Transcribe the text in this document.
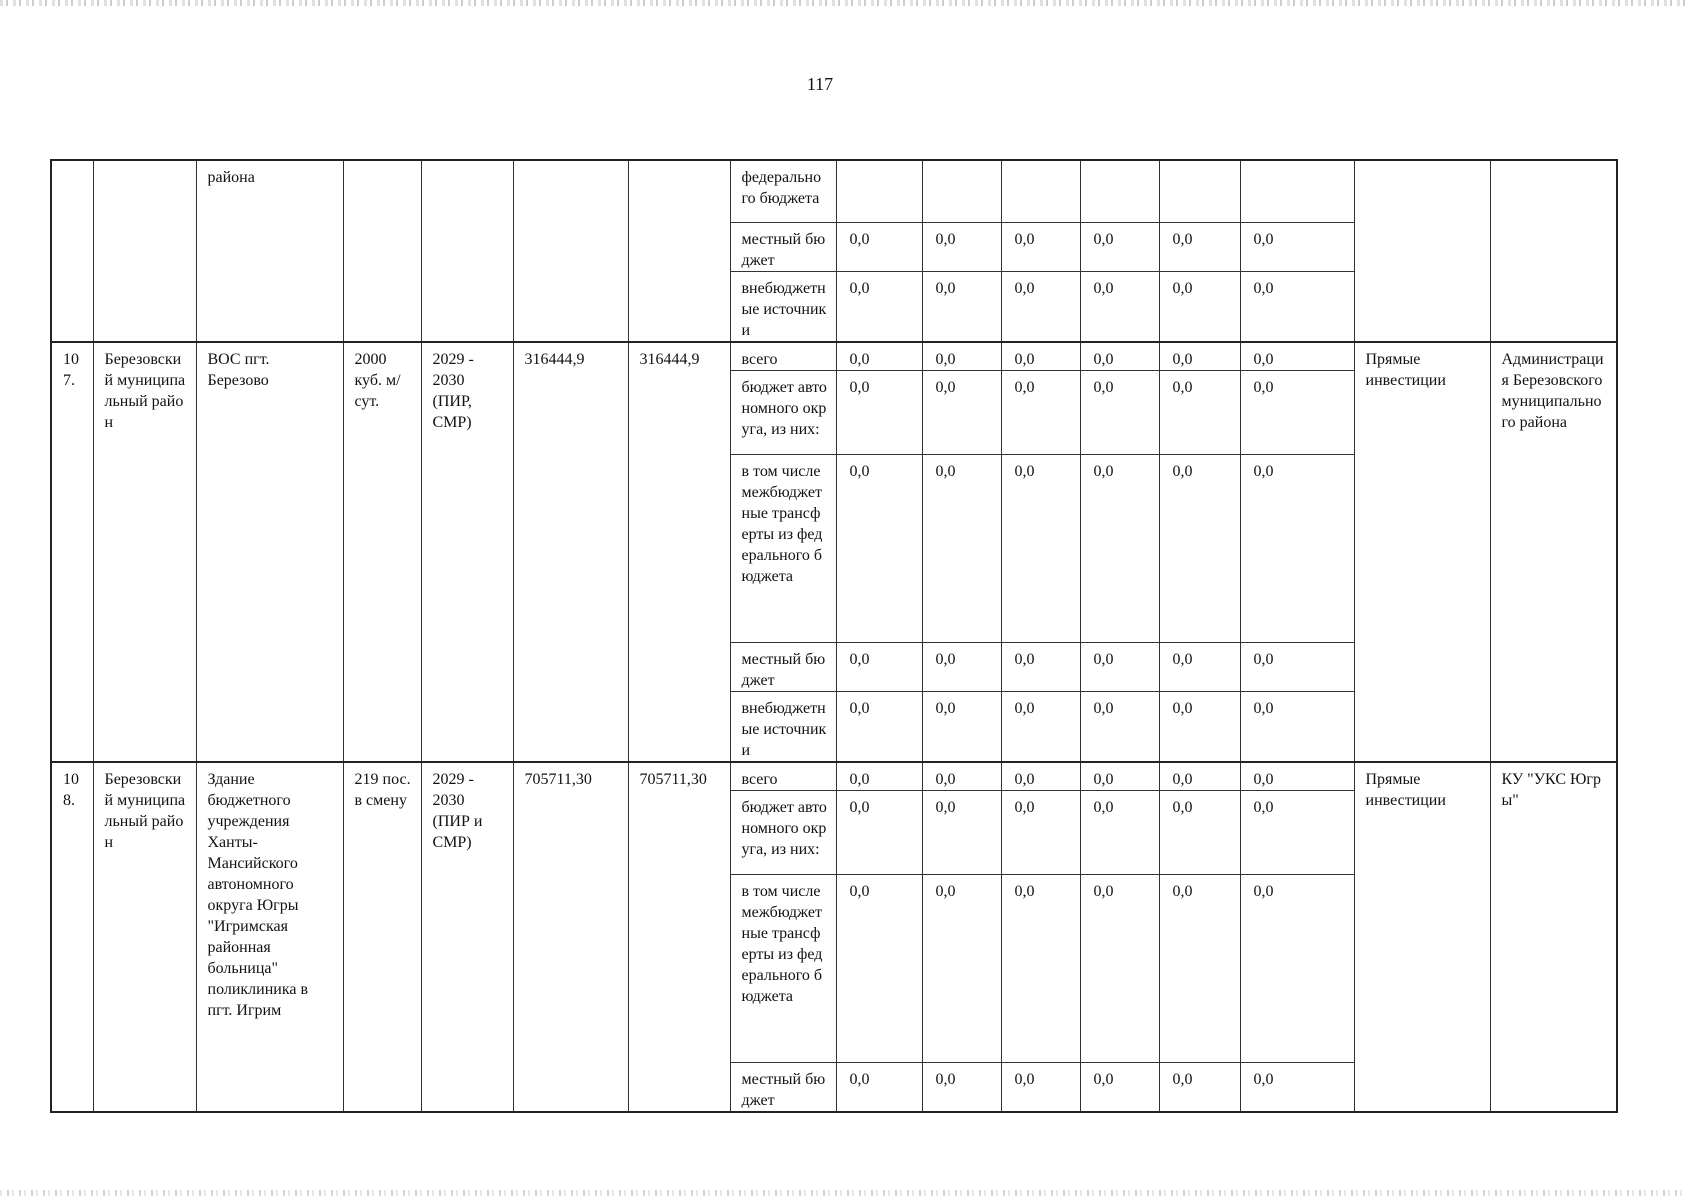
117
		района					федерального бюджета								
							местный бюджет	0,0	0,0	0,0	0,0	0,0	0,0		
							внебюджетные источники	0,0	0,0	0,0	0,0	0,0	0,0		
107.	Березовский муниципальный район	ВОС пгт. Березово	2000 куб. м/сут.	2029 - 2030 (ПИР, СМР)	316444,9	316444,9	всего	0,0	0,0	0,0	0,0	0,0	0,0	Прямые инвестиции	Администрация Березовского муниципального района
							бюджет автономного округа, из них:	0,0	0,0	0,0	0,0	0,0	0,0		
							в том числе межбюджетные трансферты из федерального бюджета	0,0	0,0	0,0	0,0	0,0	0,0		
							местный бюджет	0,0	0,0	0,0	0,0	0,0	0,0		
							внебюджетные источники	0,0	0,0	0,0	0,0	0,0	0,0		
108.	Березовский муниципальный район	Здание бюджетного учреждения Ханты-Мансийского автономного округа Югры "Игримская районная больница" поликлиника в пгт. Игрим	219 пос. в смену	2029 - 2030 (ПИР и СМР)	705711,30	705711,30	всего	0,0	0,0	0,0	0,0	0,0	0,0	Прямые инвестиции	КУ "УКС Югры"
							бюджет автономного округа, из них:	0,0	0,0	0,0	0,0	0,0	0,0		
							в том числе межбюджетные трансферты из федерального бюджета	0,0	0,0	0,0	0,0	0,0	0,0		
							местный бюджет	0,0	0,0	0,0	0,0	0,0	0,0		
